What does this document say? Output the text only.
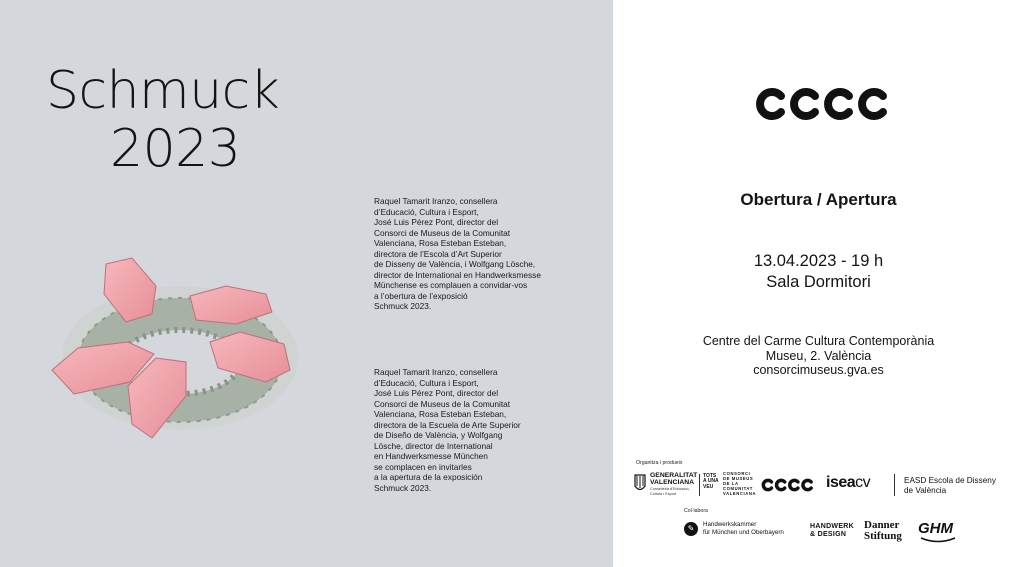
Schmuck
2023
Raquel Tamarit Iranzo, consellera
d’Educació, Cultura i Esport,
José Luis Pérez Pont, director del
Consorci de Museus de la Comunitat
Valenciana, Rosa Esteban Esteban,
directora de l’Escola d’Art Superior
de Disseny de València, i Wolfgang Lösche,
director de International en Handwerksmesse
Münchense es complauen a convidar-vos
a l’obertura de l’exposició
Schmuck 2023.
Raquel Tamarit Iranzo, consellera
d’Educació, Cultura i Esport,
José Luis Pérez Pont, director del
Consorci de Museus de la Comunitat
Valenciana, Rosa Esteban Esteban,
directora de la Escuela de Arte Superior
de Diseño de València, y Wolfgang
Lösche, director de International
en Handwerksmesse München
se complacen en invitarles
a la apertura de la exposición
Schmuck 2023.
Obertura / Apertura
13.04.2023 - 19 h
Sala Dormitori
Centre del Carme Cultura Contemporània
Museu, 2. València
consorcimuseus.gva.es
Organitza i produeix
GENERALITAT
VALENCIANA
Conselleria d’Educació,
Cultura i Esport
TOTS
A UNA
VEU
CONSORCI
DE MUSEUS
DE LA
COMUNITAT
VALENCIANA
iseacv	EASD Escola de Disseny
de València
Col·labora
✎	Handwerkskammer
für München und Oberbayern
HANDWERK
& DESIGN
Danner
Stiftung GHM
